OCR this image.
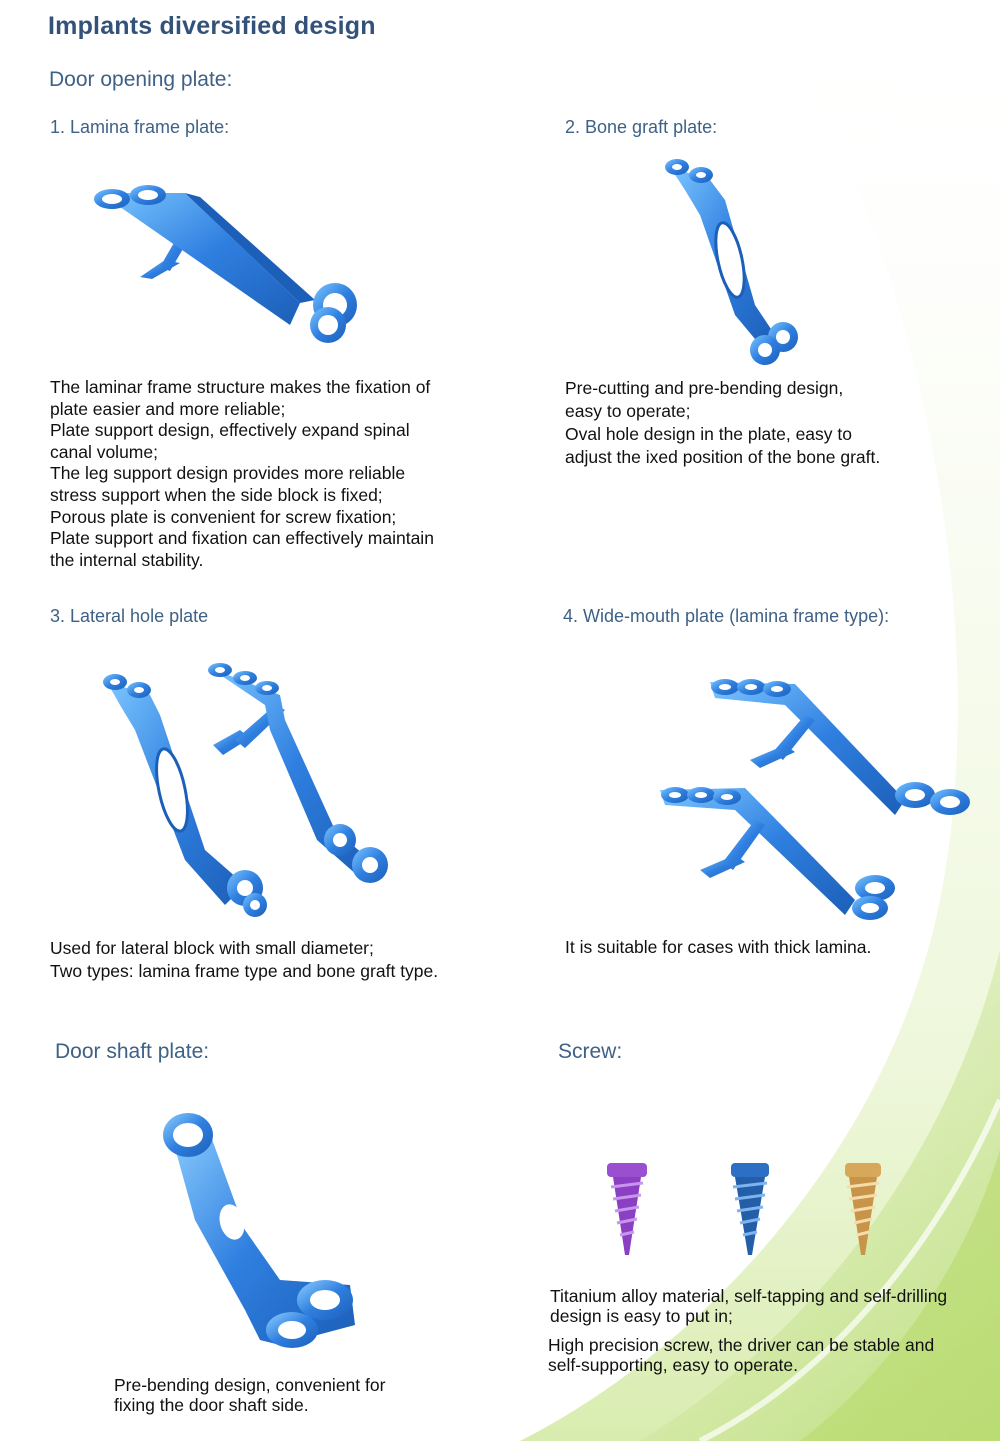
Implants diversified design
Door opening plate:
1. Lamina frame plate:	2. Bone graft plate:

The laminar frame structure makes the fixation of

plate easier and more reliable;

Plate support design, effectively expand spinal

canal volume;

The leg support design provides more reliable

stress support when the side block is fixed;

Porous plate is convenient for screw fixation;

Plate support and fixation can effectively maintain

the internal stability.

Pre-cutting and pre-bending design,

easy to operate;

Oval hole design in the plate, easy to

adjust the ixed position of the bone graft.

3. Lateral hole plate	4. Wide-mouth plate (lamina frame type):

Used for lateral block with small diameter;

Two types: lamina frame type and bone graft type.

It is suitable for cases with thick lamina.

Door shaft plate:	Screw:

Pre-bending design, convenient for

fixing the door shaft side.

Titanium alloy material, self-tapping and self-drilling

design is easy to put in;

High precision screw, the driver can be stable and

self-supporting, easy to operate.
